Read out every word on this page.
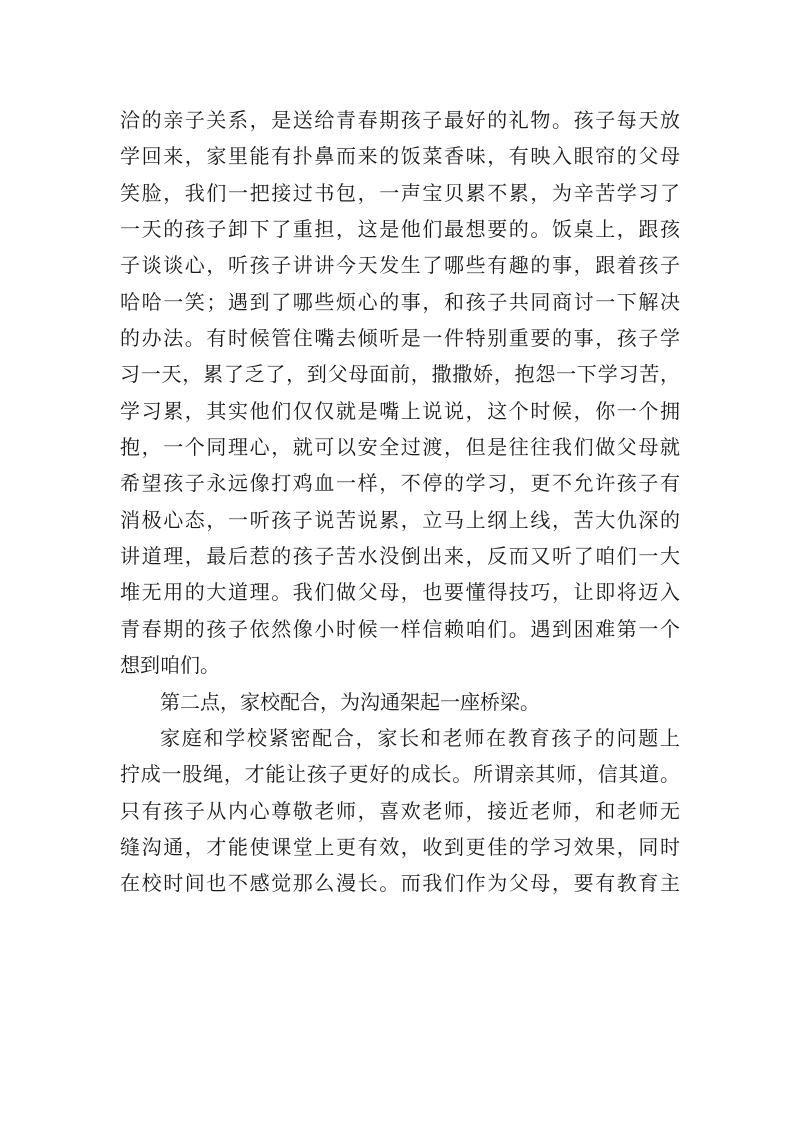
洽的亲子关系，是送给青春期孩子最好的礼物。孩子每天放
学回来，家里能有扑鼻而来的饭菜香味，有映入眼帘的父母
笑脸，我们一把接过书包，一声宝贝累不累，为辛苦学习了
一天的孩子卸下了重担，这是他们最想要的。饭桌上，跟孩
子谈谈心，听孩子讲讲今天发生了哪些有趣的事，跟着孩子
哈哈一笑；遇到了哪些烦心的事，和孩子共同商讨一下解决
的办法。有时候管住嘴去倾听是一件特别重要的事，孩子学
习一天，累了乏了，到父母面前，撒撒娇，抱怨一下学习苦，
学习累，其实他们仅仅就是嘴上说说，这个时候，你一个拥
抱，一个同理心，就可以安全过渡，但是往往我们做父母就
希望孩子永远像打鸡血一样，不停的学习，更不允许孩子有
消极心态，一听孩子说苦说累，立马上纲上线，苦大仇深的
讲道理，最后惹的孩子苦水没倒出来，反而又听了咱们一大
堆无用的大道理。我们做父母，也要懂得技巧，让即将迈入
青春期的孩子依然像小时候一样信赖咱们。遇到困难第一个
想到咱们。
第二点，家校配合，为沟通架起一座桥梁。
家庭和学校紧密配合，家长和老师在教育孩子的问题上
拧成一股绳，才能让孩子更好的成长。所谓亲其师，信其道。
只有孩子从内心尊敬老师，喜欢老师，接近老师，和老师无
缝沟通，才能使课堂上更有效，收到更佳的学习效果，同时
在校时间也不感觉那么漫长。而我们作为父母，要有教育主
